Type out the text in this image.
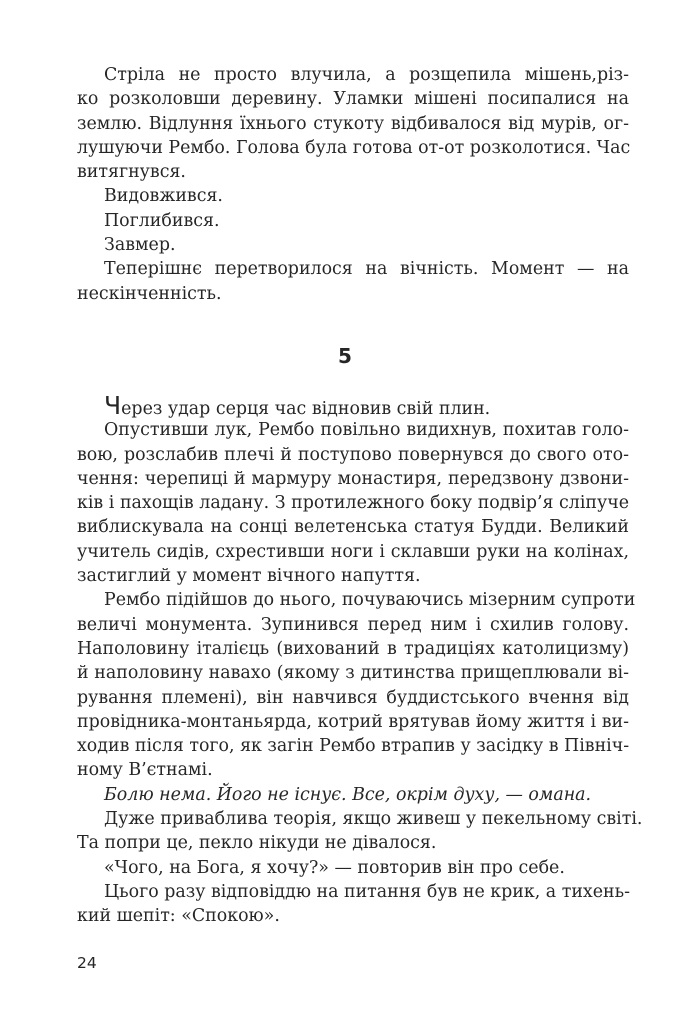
Стріла не просто влучила, а розщепила мішень,різ-
ко розколовши деревину. Уламки мішені посипалися на
землю. Відлуння їхнього стукоту відбивалося від мурів, ог-
лушуючи Рембо. Голова була готова от-от розколотися. Час
витягнувся.
Видовжився.
Поглибився.
Завмер.
Теперішнє перетворилося на вічність. Момент — на
нескінченність.
5
Через удар серця час відновив свій плин.
Опустивши лук, Рембо повільно видихнув, похитав голо-
вою, розслабив плечі й поступово повернувся до свого ото-
чення: черепиці й мармуру монастиря, передзвону дзвони-
ків і пахощів ладану. З протилежного боку подвір’я сліпуче
виблискувала на сонці велетенська статуя Будди. Великий
учитель сидів, схрестивши ноги і склавши руки на колінах,
застиглий у момент вічного напуття.
Рембо підійшов до нього, почуваючись мізерним супроти
величі монумента. Зупинився перед ним і схилив голову.
Наполовину італієць (вихований в традиціях католицизму)
й наполовину навахо (якому з дитинства прищеплювали ві-
рування племені), він навчився буддистського вчення від
провідника-монтаньярда, котрий врятував йому життя і ви-
ходив після того, як загін Рембо втрапив у засідку в Північ-
ному В’єтнамі.
Болю нема. Його не існує. Все, окрім духу, — омана.
Дуже приваблива теорія, якщо живеш у пекельному світі.
Та попри це, пекло нікуди не дівалося.
«Чого, на Бога, я хочу?» — повторив він про себе.
Цього разу відповіддю на питання був не крик, а тихень-
кий шепіт: «Спокою».
24
